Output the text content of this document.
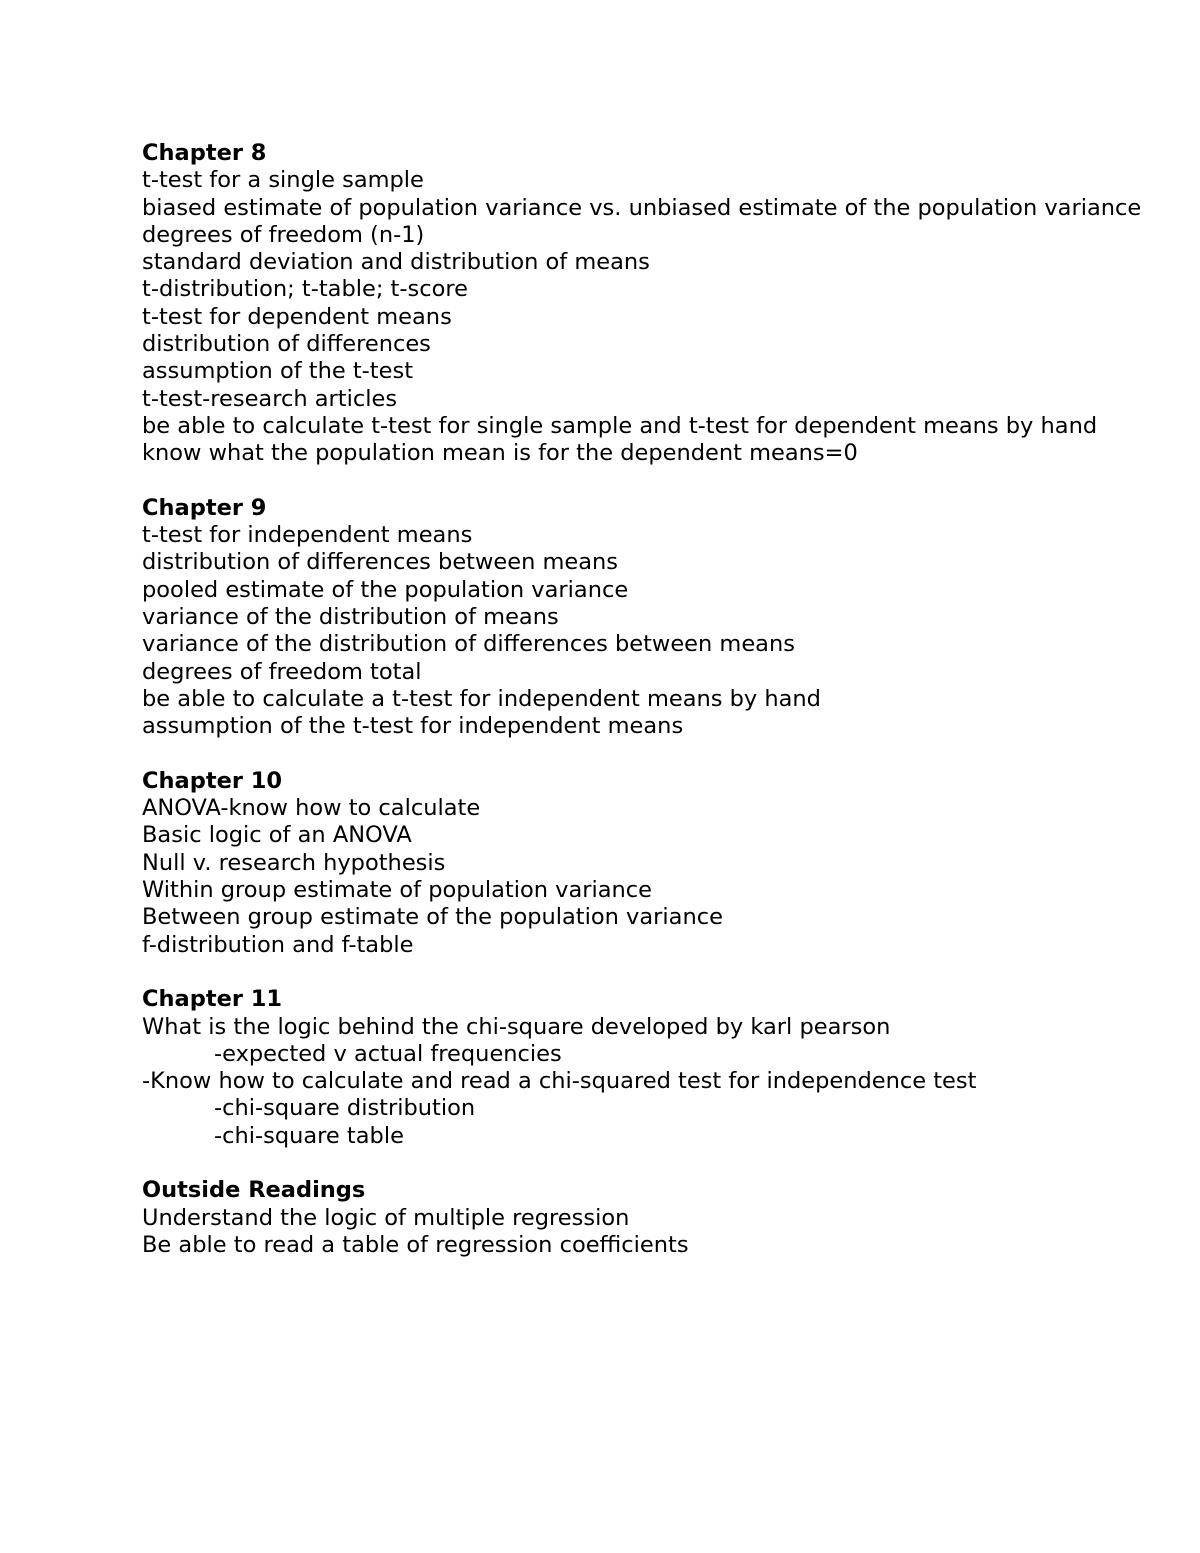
Chapter 8
t-test for a single sample
biased estimate of population variance vs. unbiased estimate of the population variance
degrees of freedom (n-1)
standard deviation and distribution of means
t-distribution; t-table; t-score
t-test for dependent means
distribution of differences
assumption of the t-test
t-test-research articles
be able to calculate t-test for single sample and t-test for dependent means by hand
know what the population mean is for the dependent means=0
Chapter 9
t-test for independent means
distribution of differences between means
pooled estimate of the population variance
variance of the distribution of means
variance of the distribution of differences between means
degrees of freedom total
be able to calculate a t-test for independent means by hand
assumption of the t-test for independent means
Chapter 10
ANOVA-know how to calculate
Basic logic of an ANOVA
Null v. research hypothesis
Within group estimate of population variance
Between group estimate of the population variance
f-distribution and f-table
Chapter 11
What is the logic behind the chi-square developed by karl pearson
-expected v actual frequencies
-Know how to calculate and read a chi-squared test for independence test
-chi-square distribution
-chi-square table
Outside Readings
Understand the logic of multiple regression
Be able to read a table of regression coefficients
